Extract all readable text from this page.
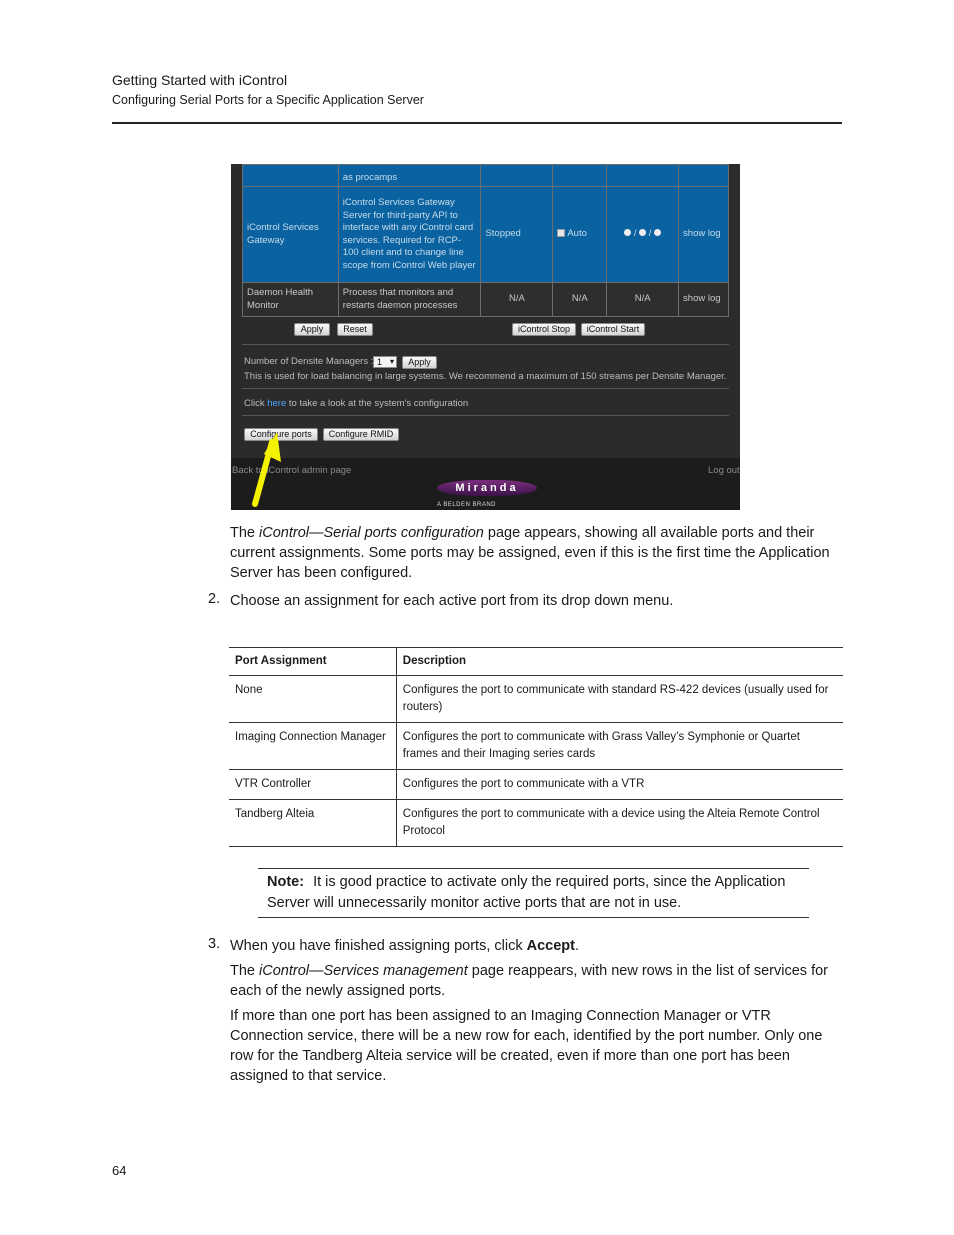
Getting Started with iControl
Configuring Serial Ports for a Specific Application Server
	as procamps				
iControl Services Gateway	iControl Services Gateway Server for third-party API to interface with any iControl card services. Required for RCP-100 client and to change line scope from iControl Web player	Stopped	Auto	/ /	show log
Daemon Health Monitor	Process that monitors and restarts daemon processes	N/A	N/A	N/A	show log
Apply	Reset	iControl Stop	iControl Start
Number of Densite Managers : 1 ▾	Apply
This is used for load balancing in large systems. We recommend a maximum of 150 streams per Densite Manager.
Click here to take a look at the system's configuration
Configure ports	Configure RMID
Back to iControl admin page	Log out
Miranda
A BELDEN BRAND
The iControl—Serial ports configuration page appears, showing all available ports and their current assignments. Some ports may be assigned, even if this is the first time the Application Server has been configured.
2. Choose an assignment for each active port from its drop down menu.
Port Assignment	Description
None	Configures the port to communicate with standard RS-422 devices (usually used for routers)
Imaging Connection Manager	Configures the port to communicate with Grass Valley’s Symphonie or Quartet frames and their Imaging series cards
VTR Controller	Configures the port to communicate with a VTR
Tandberg Alteia	Configures the port to communicate with a device using the Alteia Remote Control Protocol
Note: It is good practice to activate only the required ports, since the Application Server will unnecessarily monitor active ports that are not in use.
3. When you have finished assigning ports, click Accept.
The iControl—Services management page reappears, with new rows in the list of services for each of the newly assigned ports.
If more than one port has been assigned to an Imaging Connection Manager or VTR Connection service, there will be a new row for each, identified by the port number. Only one row for the Tandberg Alteia service will be created, even if more than one port has been assigned to that service.
64
